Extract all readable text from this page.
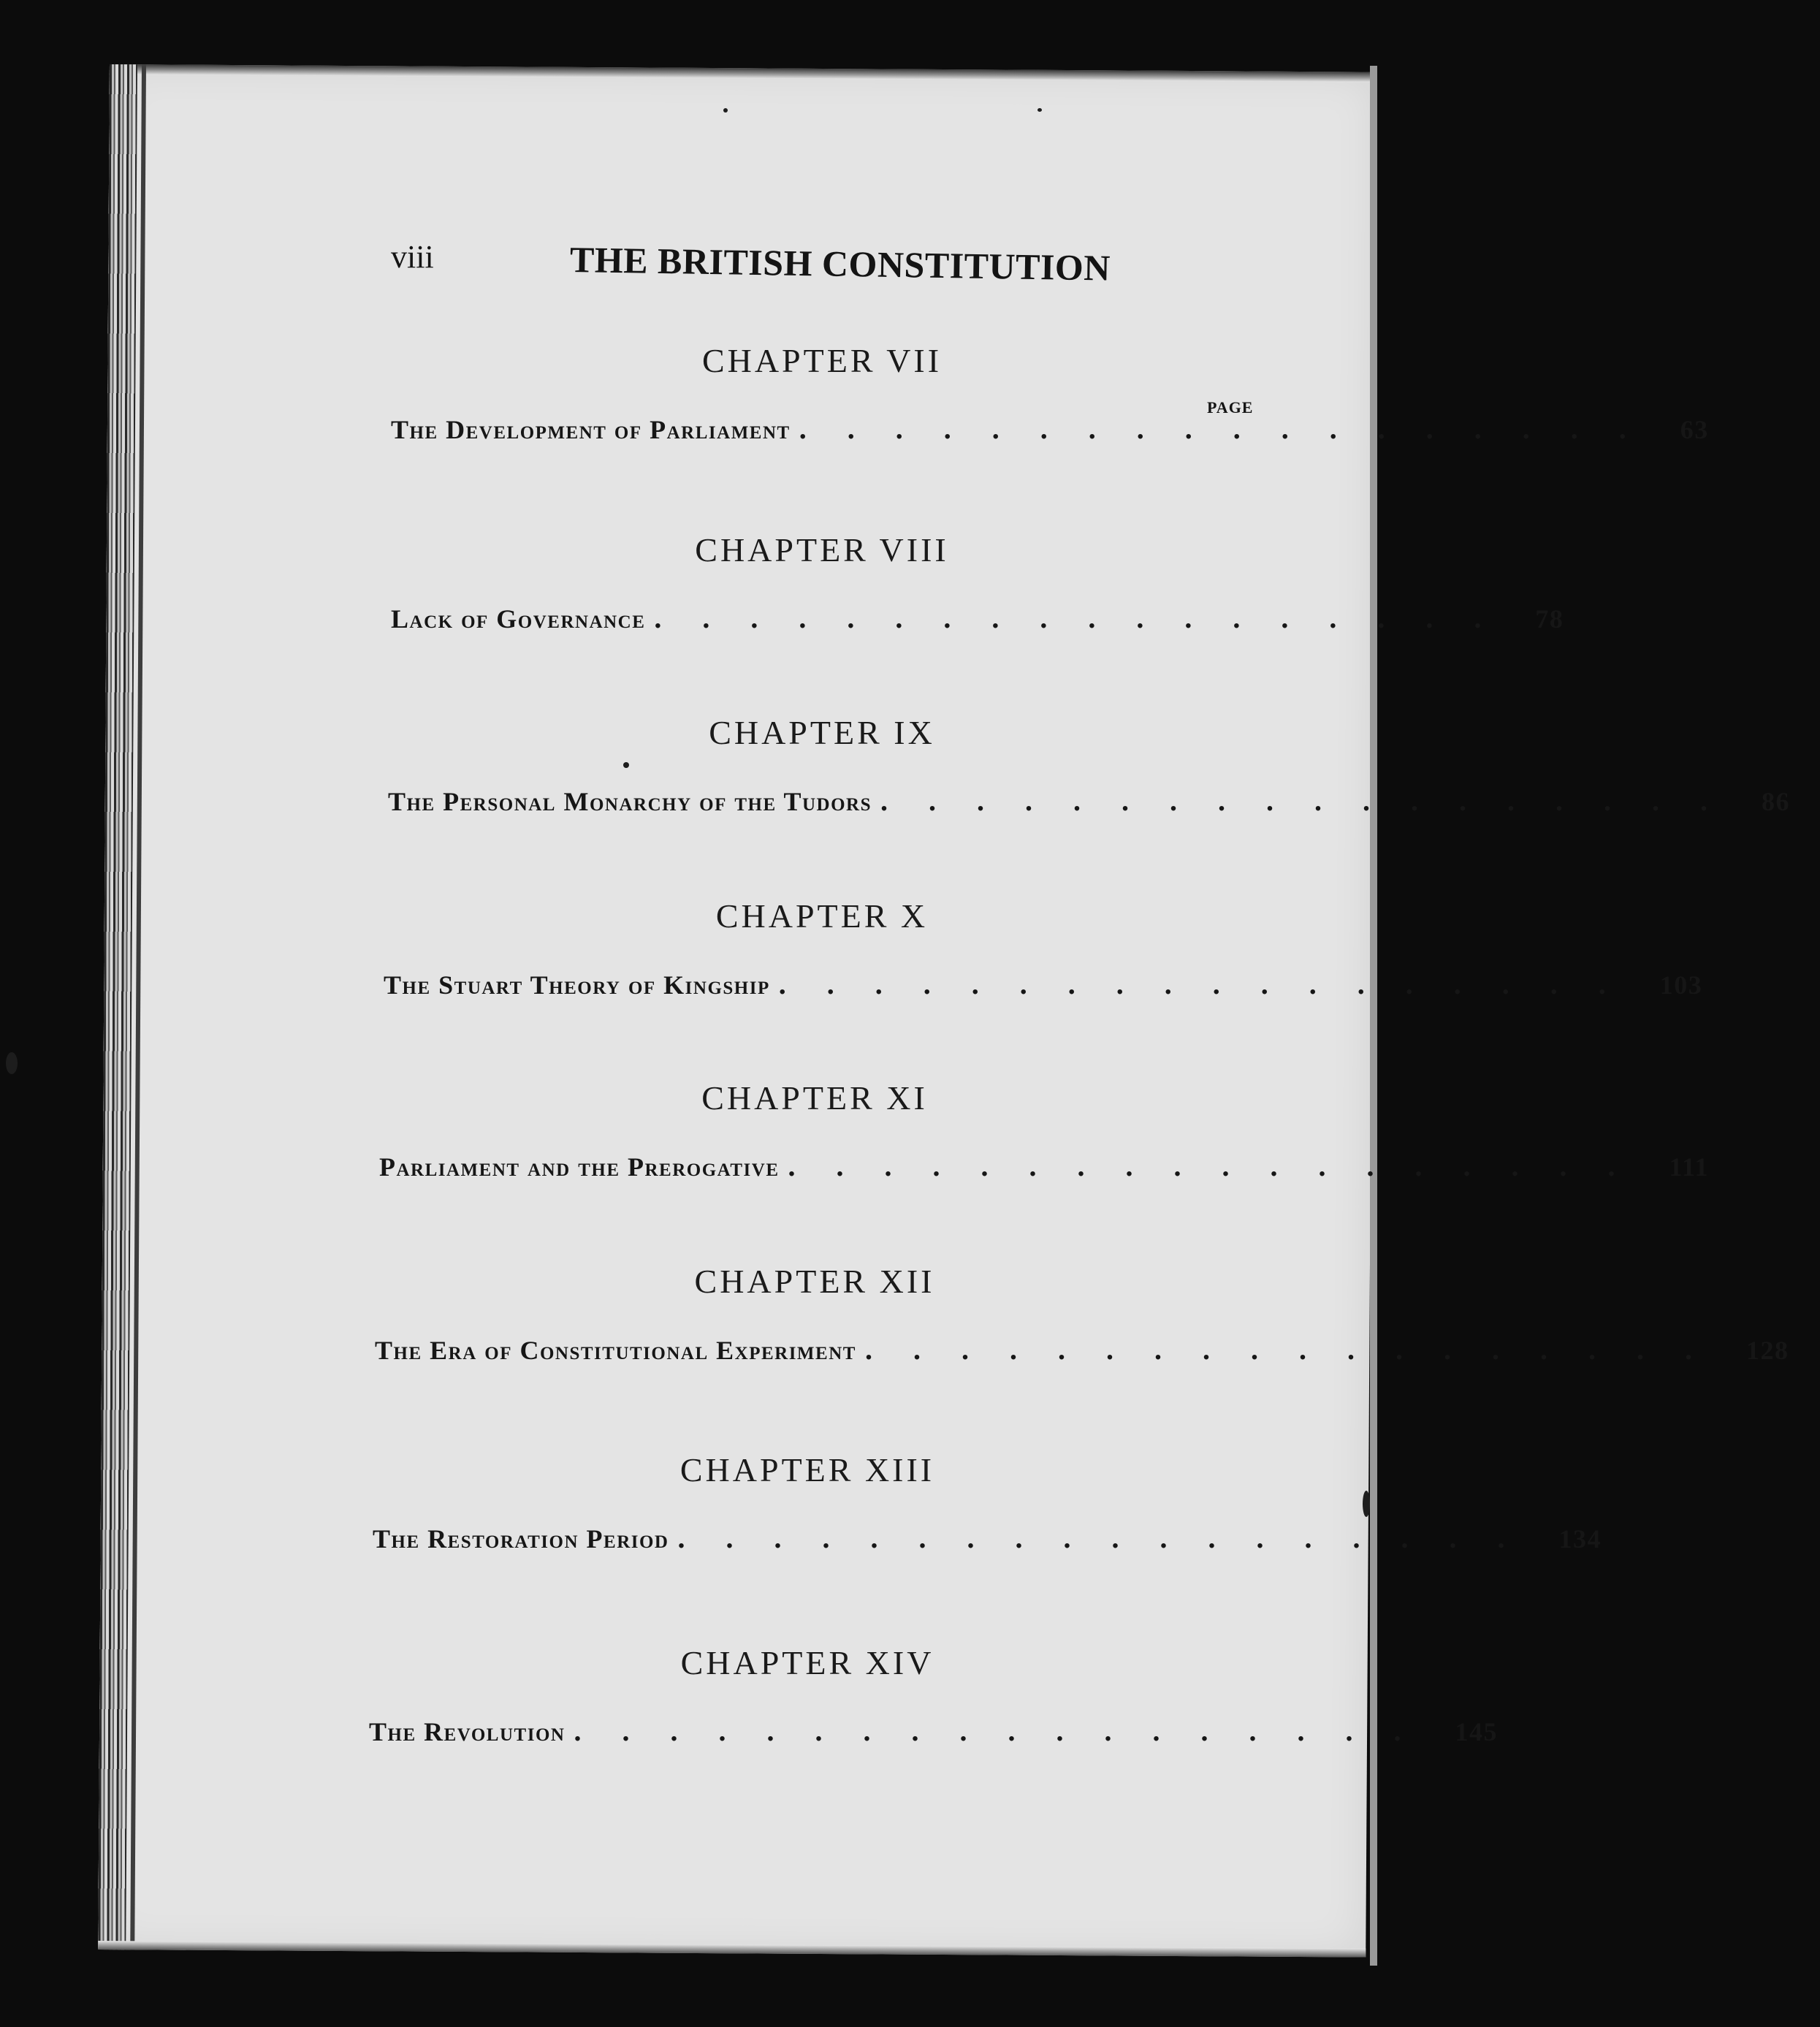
viii	THE BRITISH CONSTITUTION
PAGE
CHAPTER VII
The Development of Parliament .................. 63
CHAPTER VIII
Lack of Governance .................. 78
CHAPTER IX
The Personal Monarchy of the Tudors .................. 86
CHAPTER X
The Stuart Theory of Kingship .................. 103
CHAPTER XI
Parliament and the Prerogative .................. 111
CHAPTER XII
The Era of Constitutional Experiment .................. 128
CHAPTER XIII
The Restoration Period .................. 134
CHAPTER XIV
The Revolution .................. 145
